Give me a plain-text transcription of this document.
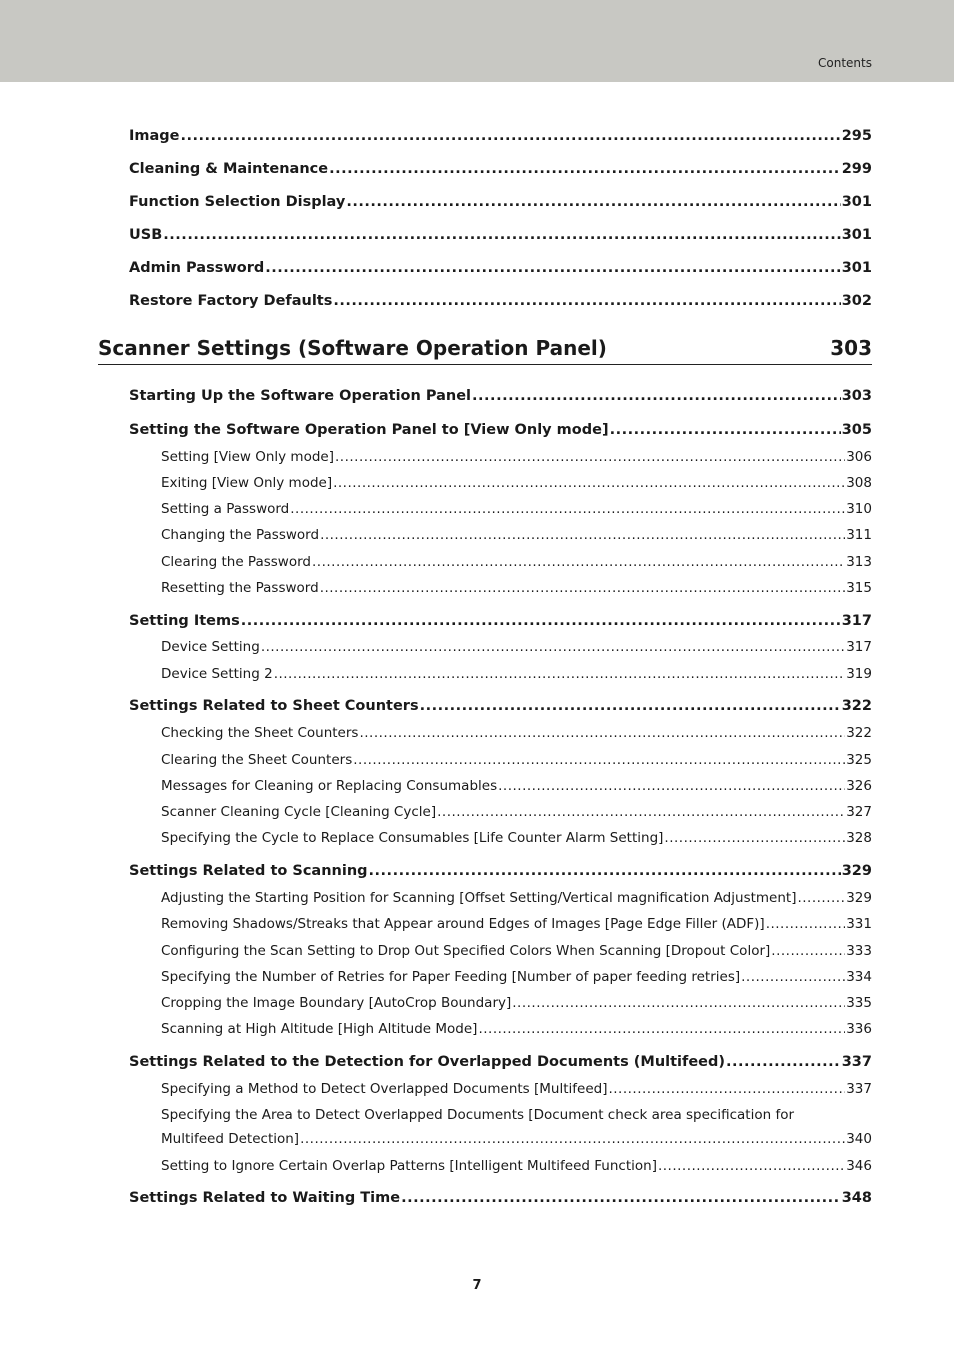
Contents
Scanner Settings (Software Operation Panel)	303
Image .....	295
Cleaning & Maintenance .....	299
Function Selection Display .....	301
USB .....	301
Admin Password .....	301
Restore Factory Defaults .....	302
Starting Up the Software Operation Panel .....	303
Setting the Software Operation Panel to [View Only mode] .....	305
Setting [View Only mode] .....	306
Exiting [View Only mode] .....	308
Setting a Password .....	310
Changing the Password .....	311
Clearing the Password .....	313
Resetting the Password .....	315
Setting Items .....	317
Device Setting .....	317
Device Setting 2 .....	319
Settings Related to Sheet Counters .....	322
Checking the Sheet Counters .....	322
Clearing the Sheet Counters .....	325
Messages for Cleaning or Replacing Consumables .....	326
Scanner Cleaning Cycle [Cleaning Cycle] .....	327
Specifying the Cycle to Replace Consumables [Life Counter Alarm Setting] .....	328
Settings Related to Scanning .....	329
Adjusting the Starting Position for Scanning [Offset Setting/Vertical magnification Adjustment] .....	329
Removing Shadows/Streaks that Appear around Edges of Images [Page Edge Filler (ADF)] .....	331
Configuring the Scan Setting to Drop Out Specified Colors When Scanning [Dropout Color] .....	333
Specifying the Number of Retries for Paper Feeding [Number of paper feeding retries] .....	334
Cropping the Image Boundary [AutoCrop Boundary] .....	335
Scanning at High Altitude [High Altitude Mode] .....	336
Settings Related to the Detection for Overlapped Documents (Multifeed) .....	337
Specifying a Method to Detect Overlapped Documents [Multifeed] .....	337
Specifying the Area to Detect Overlapped Documents [Document check area specification for
Multifeed Detection] .....	340
Setting to Ignore Certain Overlap Patterns [Intelligent Multifeed Function] .....	346
Settings Related to Waiting Time .....	348
7
